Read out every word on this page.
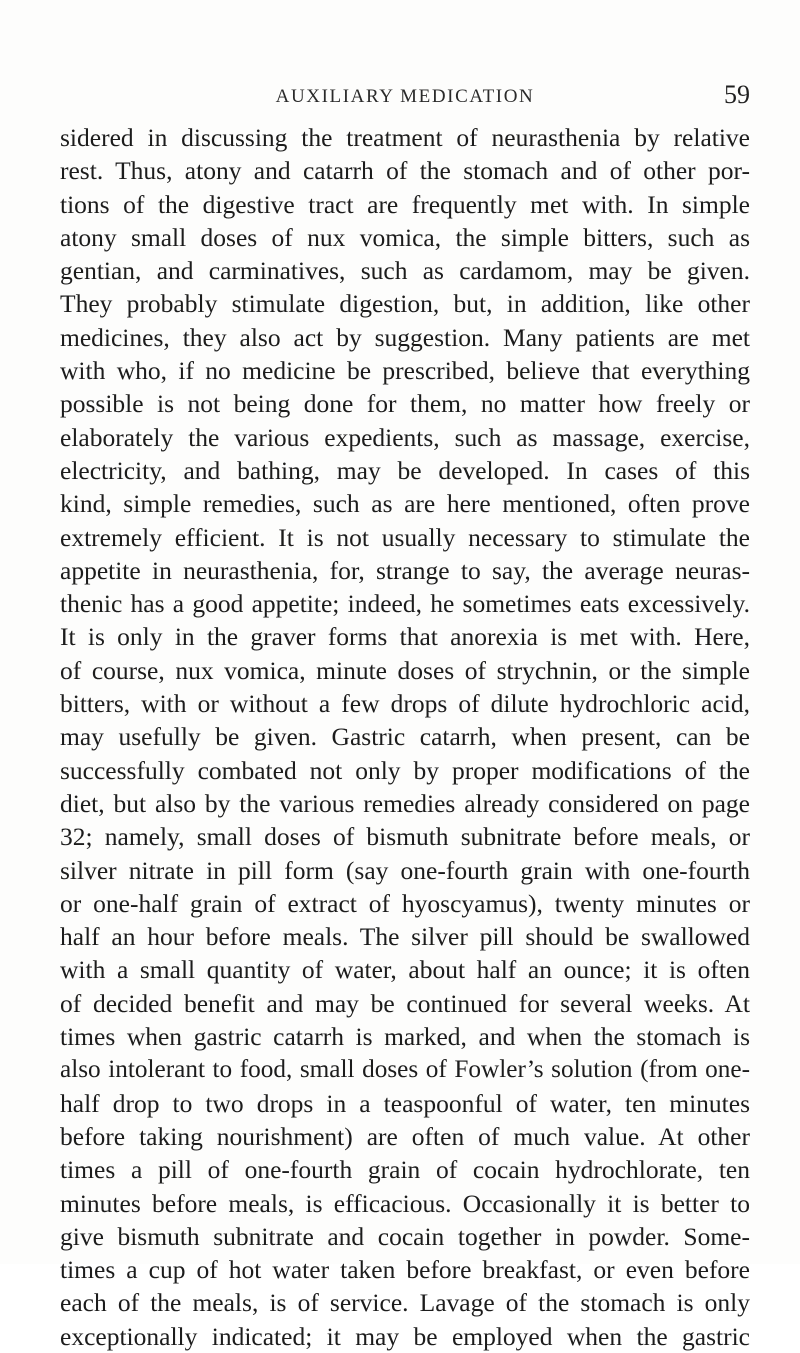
AUXILIARY MEDICATION	59

sidered in discussing the treatment of neurasthenia by relative
rest. Thus, atony and catarrh of the stomach and of other por-
tions of the digestive tract are frequently met with. In simple
atony small doses of nux vomica, the simple bitters, such as
gentian, and carminatives, such as cardamom, may be given.
They probably stimulate digestion, but, in addition, like other
medicines, they also act by suggestion. Many patients are met
with who, if no medicine be prescribed, believe that everything
possible is not being done for them, no matter how freely or
elaborately the various expedients, such as massage, exercise,
electricity, and bathing, may be developed. In cases of this
kind, simple remedies, such as are here mentioned, often prove
extremely efficient. It is not usually necessary to stimulate the
appetite in neurasthenia, for, strange to say, the average neuras-
thenic has a good appetite; indeed, he sometimes eats excessively.
It is only in the graver forms that anorexia is met with. Here,
of course, nux vomica, minute doses of strychnin, or the simple
bitters, with or without a few drops of dilute hydrochloric acid,
may usefully be given. Gastric catarrh, when present, can be
successfully combated not only by proper modifications of the
diet, but also by the various remedies already considered on page
32; namely, small doses of bismuth subnitrate before meals, or
silver nitrate in pill form (say one-fourth grain with one-fourth
or one-half grain of extract of hyoscyamus), twenty minutes or
half an hour before meals. The silver pill should be swallowed
with a small quantity of water, about half an ounce; it is often
of decided benefit and may be continued for several weeks. At
times when gastric catarrh is marked, and when the stomach is
also intolerant to food, small doses of Fowler’s solution (from one-
half drop to two drops in a teaspoonful of water, ten minutes
before taking nourishment) are often of much value. At other
times a pill of one-fourth grain of cocain hydrochlorate, ten
minutes before meals, is efficacious. Occasionally it is better to
give bismuth subnitrate and cocain together in powder. Some-
times a cup of hot water taken before breakfast, or even before
each of the meals, is of service. Lavage of the stomach is only
exceptionally indicated; it may be employed when the gastric
